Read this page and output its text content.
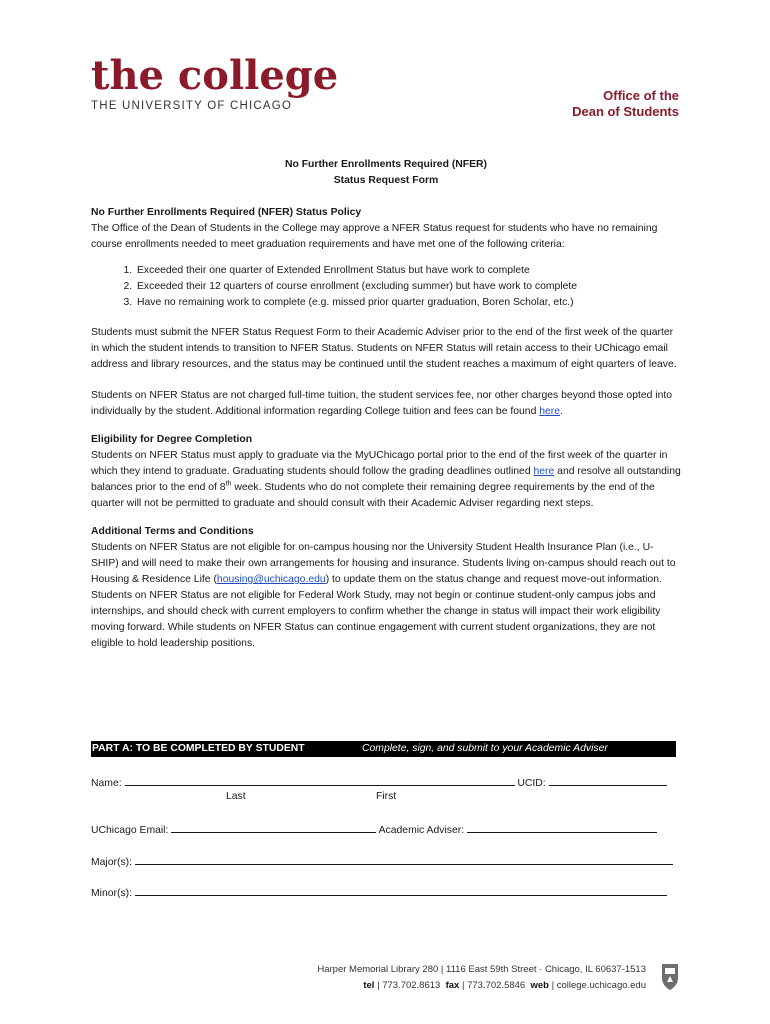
the college
THE UNIVERSITY OF CHICAGO
Office of the
Dean of Students
No Further Enrollments Required (NFER)
Status Request Form
No Further Enrollments Required (NFER) Status Policy

The Office of the Dean of Students in the College may approve a NFER Status request for students who have no remaining course enrollments needed to meet graduation requirements and have met one of the following criteria:

1. Exceeded their one quarter of Extended Enrollment Status but have work to complete
2. Exceeded their 12 quarters of course enrollment (excluding summer) but have work to complete
3. Have no remaining work to complete (e.g. missed prior quarter graduation, Boren Scholar, etc.)

Students must submit the NFER Status Request Form to their Academic Adviser prior to the end of the first week of the quarter in which the student intends to transition to NFER Status. Students on NFER Status will retain access to their UChicago email address and library resources, and the status may be continued until the student reaches a maximum of eight quarters of leave.

Students on NFER Status are not charged full-time tuition, the student services fee, nor other charges beyond those opted into individually by the student. Additional information regarding College tuition and fees can be found here.

Eligibility for Degree Completion

Students on NFER Status must apply to graduate via the MyUChicago portal prior to the end of the first week of the quarter in which they intend to graduate. Graduating students should follow the grading deadlines outlined here and resolve all outstanding balances prior to the end of 8th week. Students who do not complete their remaining degree requirements by the end of the quarter will not be permitted to graduate and should consult with their Academic Adviser regarding next steps.

Additional Terms and Conditions

Students on NFER Status are not eligible for on-campus housing nor the University Student Health Insurance Plan (i.e., U-SHIP) and will need to make their own arrangements for housing and insurance. Students living on-campus should reach out to Housing & Residence Life (housing@uchicago.edu) to update them on the status change and request move-out information. Students on NFER Status are not eligible for Federal Work Study, may not begin or continue student-only campus jobs and internships, and should check with current employers to confirm whether the change in status will impact their work eligibility moving forward. While students on NFER Status can continue engagement with current student organizations, they are not eligible to hold leadership positions.

PART A: TO BE COMPLETED BY STUDENT	Complete, sign, and submit to your Academic Adviser
Name:	UCID:
Last	First
UChicago Email:	Academic Adviser:
Major(s):
Minor(s):
Harper Memorial Library 280 | 1116 East 59th Street · Chicago, IL 60637-1513
tel | 773.702.8613 fax | 773.702.5846 web | college.uchicago.edu
